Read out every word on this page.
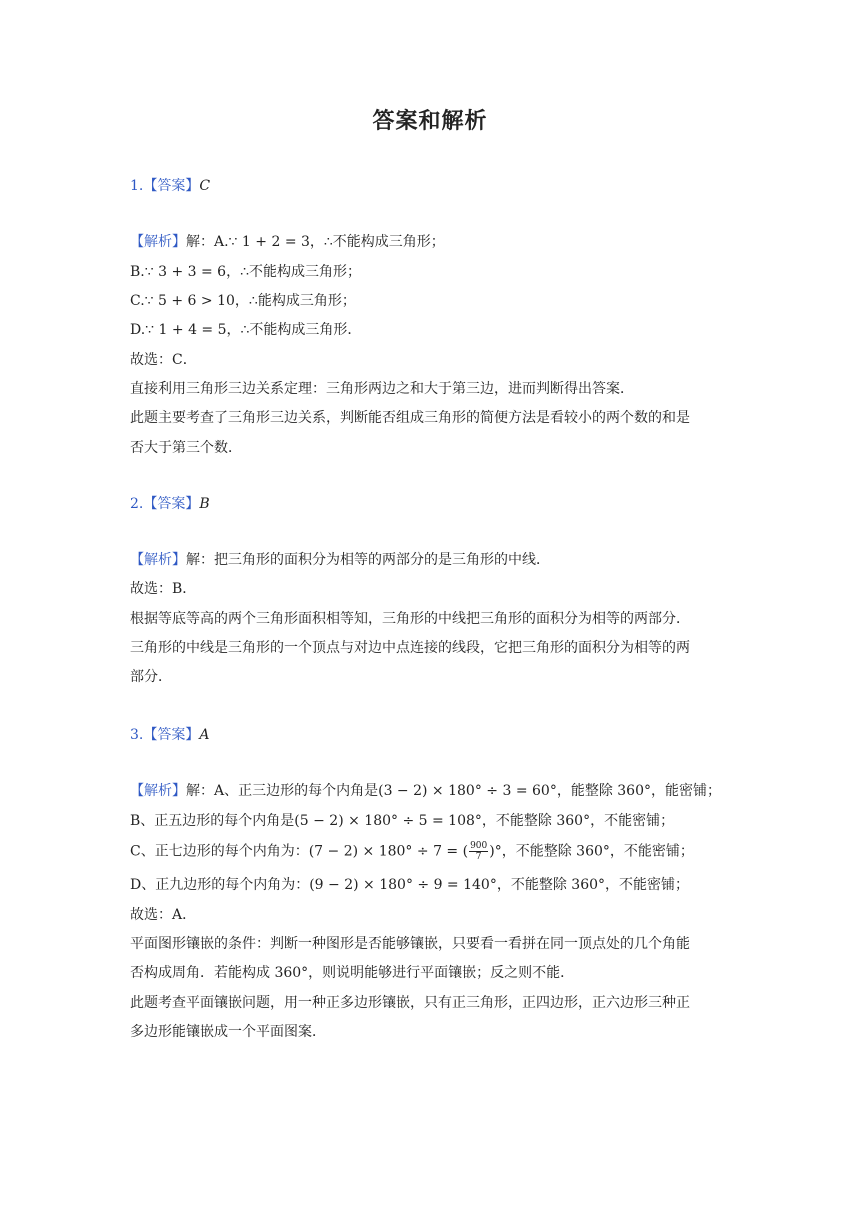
答案和解析
1.【答案】C
【解析】解：A.∵ 1 + 2 = 3，∴不能构成三角形；
B.∵ 3 + 3 = 6，∴不能构成三角形；
C.∵ 5 + 6 > 10，∴能构成三角形；
D.∵ 1 + 4 = 5，∴不能构成三角形．
故选：C．
直接利用三角形三边关系定理：三角形两边之和大于第三边，进而判断得出答案．
此题主要考查了三角形三边关系，判断能否组成三角形的简便方法是看较小的两个数的和是
否大于第三个数．
2.【答案】B
【解析】解：把三角形的面积分为相等的两部分的是三角形的中线．
故选：B．
根据等底等高的两个三角形面积相等知，三角形的中线把三角形的面积分为相等的两部分．
三角形的中线是三角形的一个顶点与对边中点连接的线段，它把三角形的面积分为相等的两
部分．
3.【答案】A
【解析】解：A、正三边形的每个内角是(3 − 2) × 180° ÷ 3 = 60°，能整除 360°，能密铺；
B、正五边形的每个内角是(5 − 2) × 180° ÷ 5 = 108°，不能整除 360°，不能密铺；
C、正七边形的每个内角为：(7 − 2) × 180° ÷ 7 = ( $\frac{900}{7}$ )°，不能整除 360°，不能密铺；
D、正九边形的每个内角为：(9 − 2) × 180° ÷ 9 = 140°，不能整除 360°，不能密铺；
故选：A．
平面图形镶嵌的条件：判断一种图形是否能够镶嵌，只要看一看拼在同一顶点处的几个角能
否构成周角．若能构成 360°，则说明能够进行平面镶嵌；反之则不能．
此题考查平面镶嵌问题，用一种正多边形镶嵌，只有正三角形，正四边形，正六边形三种正
多边形能镶嵌成一个平面图案．
